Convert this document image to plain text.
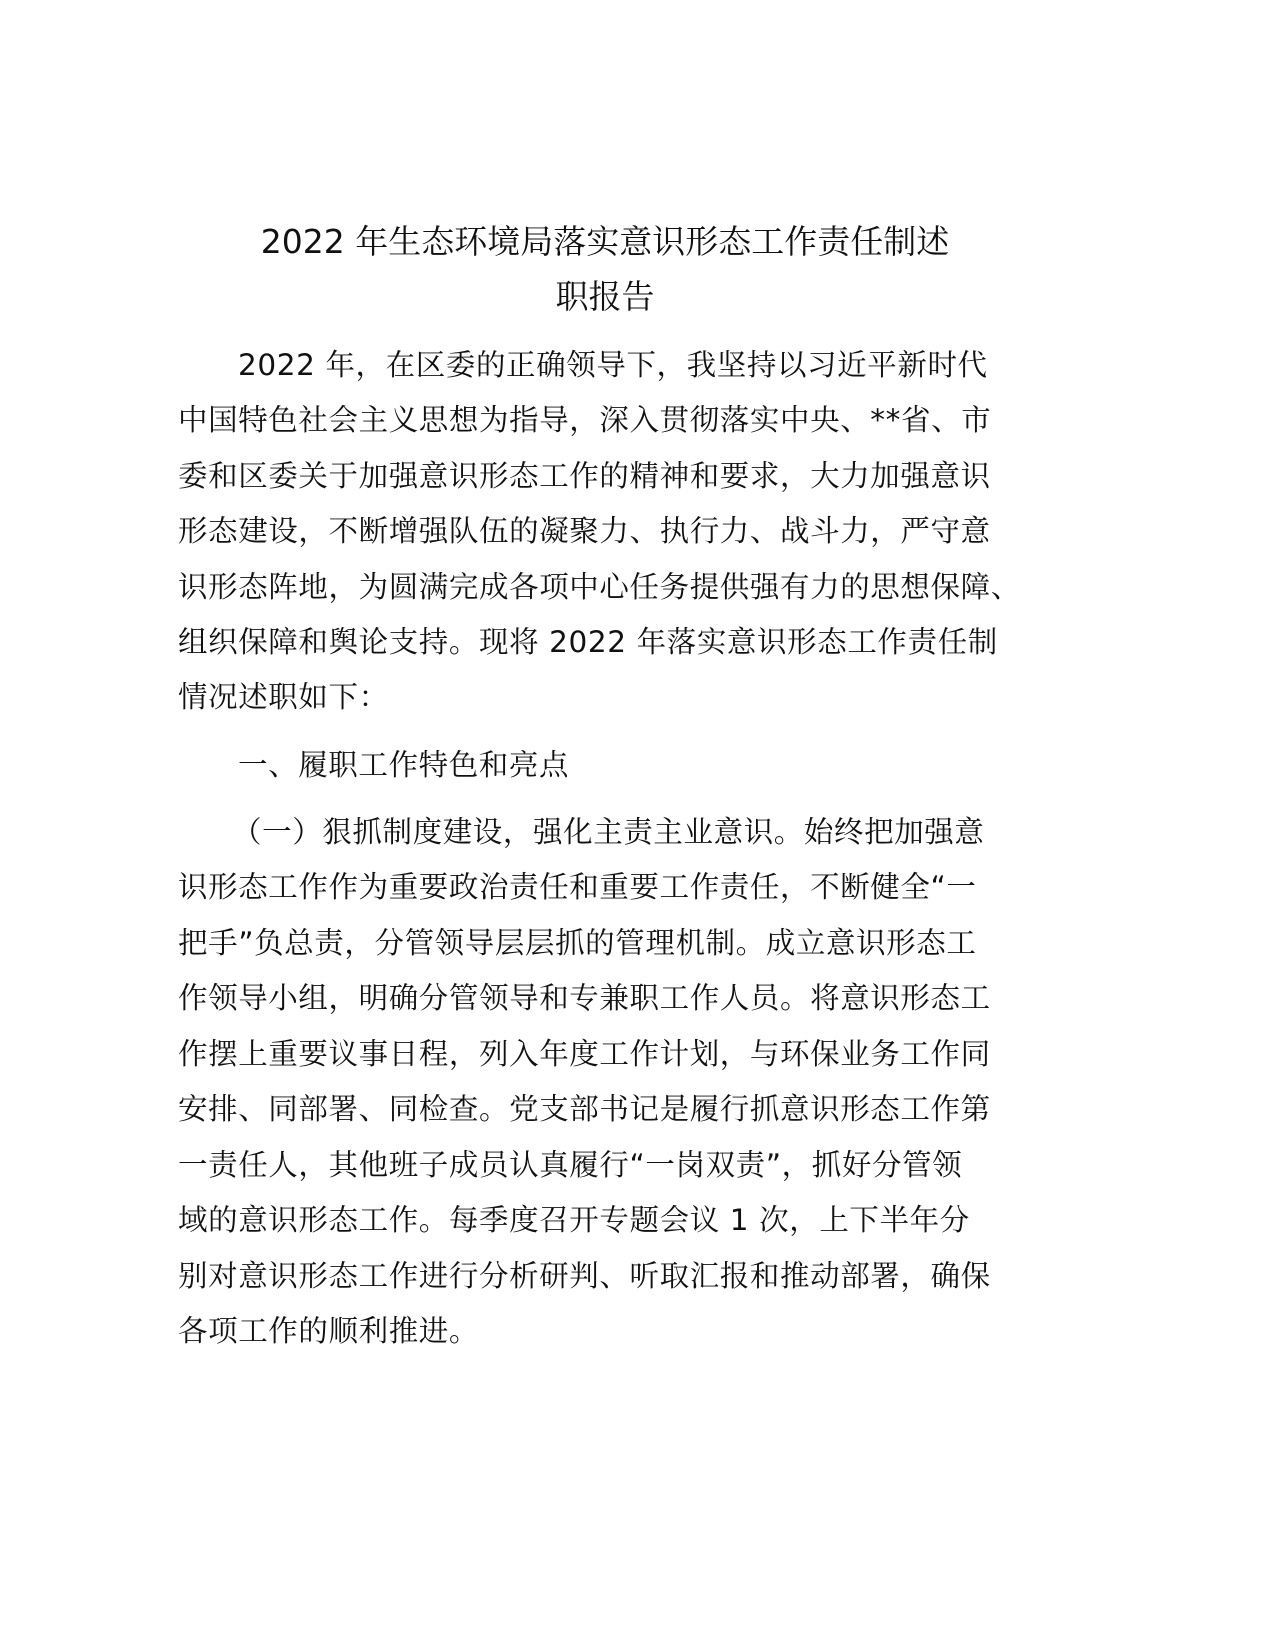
2022 年生态环境局落实意识形态工作责任制述
职报告
2022 年，在区委的正确领导下，我坚持以习近平新时代
中国特色社会主义思想为指导，深入贯彻落实中央、**省、市
委和区委关于加强意识形态工作的精神和要求，大力加强意识
形态建设，不断增强队伍的凝聚力、执行力、战斗力，严守意
识形态阵地，为圆满完成各项中心任务提供强有力的思想保障、
组织保障和舆论支持。现将 2022 年落实意识形态工作责任制
情况述职如下：
一、履职工作特色和亮点
（一）狠抓制度建设，强化主责主业意识。始终把加强意
识形态工作作为重要政治责任和重要工作责任，不断健全“一
把手”负总责，分管领导层层抓的管理机制。成立意识形态工
作领导小组，明确分管领导和专兼职工作人员。将意识形态工
作摆上重要议事日程，列入年度工作计划，与环保业务工作同
安排、同部署、同检查。党支部书记是履行抓意识形态工作第
一责任人，其他班子成员认真履行“一岗双责”，抓好分管领
域的意识形态工作。每季度召开专题会议 1 次，上下半年分
别对意识形态工作进行分析研判、听取汇报和推动部署，确保
各项工作的顺利推进。
